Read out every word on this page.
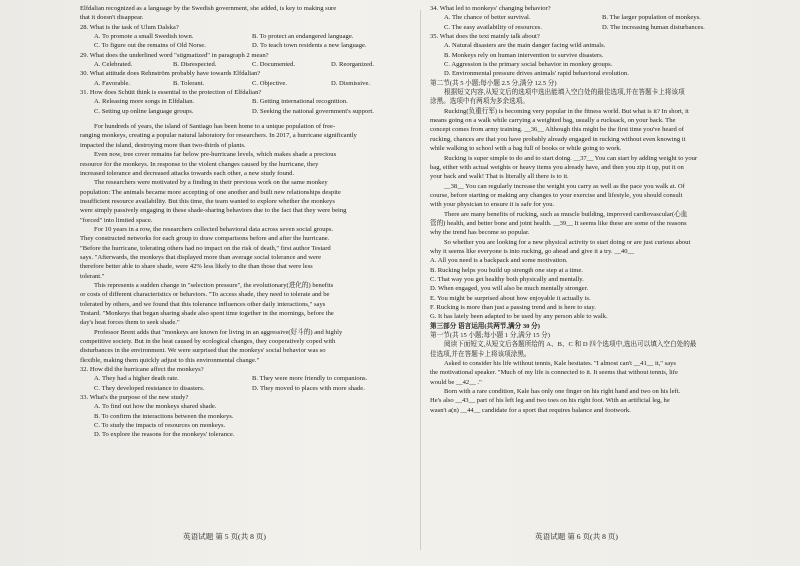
Elfdalian recognized as a language by the Swedish government, she added, is key to making sure

that it doesn't disappear.

28. What is the task of Ulum Dalska?

A. To promote a small Swedish town.	B. To protect an endangered language.
C. To figure out the remains of Old Norse.	D. To teach town residents a new language.

29. What does the underlined word "stigmatized" in paragraph 2 mean?

A. Celebrated.	B. Disrespected.	C. Documented.	D. Reorganized.

30. What attitude does Rehnström probably have towards Elfdalian?

A. Favorable.	B. Tolerant.	C. Objective.	D. Dismissive.

31. How does Schütt think is essential to the protection of Elfdalian?

A. Releasing more songs in Elfdalian.	B. Getting international recognition.
C. Setting up online language groups.	D. Seeking the national government's support.

For hundreds of years, the island of Santiago has been home to a unique population of free-

ranging monkeys, creating a popular natural laboratory for researchers. In 2017, a hurricane significantly

impacted the island, destroying more than two-thirds of plants.

Even now, tree cover remains far below pre-hurricane levels, which makes shade a precious

resource for the monkeys. In response to the violent changes caused by the hurricane, they

increased tolerance and decreased attacks towards each other, a new study found.

The researchers were motivated by a finding in their previous work on the same monkey

population: The animals became more accepting of one another and built new relationships despite

insufficient resource availability. But this time, the team wanted to explore whether the monkeys

were simply passively engaging in these shade-sharing behaviors due to the fact that they were being

"forced" into limited space.

For 10 years in a row, the researchers collected behavioral data across seven social groups.

They constructed networks for each group to draw comparisons before and after the hurricane.

"Before the hurricane, tolerating others had no impact on the risk of death," first author Testard

says. "Afterwards, the monkeys that displayed more than average social tolerance and were

therefore better able to share shade, were 42% less likely to die than those that were less

tolerant."

This represents a sudden change in "selection pressure", the evolutionary(进化的) benefits

or costs of different characteristics or behaviors. "To access shade, they need to tolerate and be

tolerated by others, and we found that this tolerance influences other daily interactions," says

Testard. "Monkeys that began sharing shade also spent time together in the mornings, before the

day's heat forces them to seek shade."

Professor Brent adds that "monkeys are known for living in an aggressive(好斗的) and highly

competitive society. But in the heat caused by ecological changes, they cooperatively coped with

disturbances in the environment. We were surprised that the monkeys' social behavior was so

flexible, making them quickly adjust to this environmental change."

32. How did the hurricane affect the monkeys?

A. They had a higher death rate.	B. They were more friendly to companions.
C. They developed resistance to disasters.	D. They moved to places with more shade.

33. What's the purpose of the new study?

A. To find out how the monkeys shared shade.

B. To confirm the interactions between the monkeys.

C. To study the impacts of resources on monkeys.

D. To explore the reasons for the monkeys' tolerance.

英语试题 第 5 页(共 8 页)

34. What led to monkeys' changing behavior?

A. The chance of better survival.	B. The larger population of monkeys.
C. The easy availability of resources.	D. The increasing human disturbances.

35. What does the text mainly talk about?

A. Natural disasters are the main danger facing wild animals.

B. Monkeys rely on human intervention to survive disasters.

C. Aggression is the primary social behavior in monkey groups.

D. Environmental pressure drives animals' rapid behavioral evolution.

第二节(共 5 小题;每小题 2.5 分,满分 12.5 分)

根据短文内容,从短文后的选项中选出能填入空白处的最佳选项,并在答题卡上将该项

涂黑。选项中有两项为多余选项。

Rucking(负重行军) is becoming very popular in the fitness world. But what is it? In short, it

means going on a walk while carrying a weighted bag, usually a rucksack, on your back. The

concept comes from army training. __36__ Although this might be the first time you've heard of

rucking, chances are that you have probably already engaged in rucking without even knowing it

while walking to school with a bag full of books or while going to work.

Rucking is super simple to do and to start doing. __37__ You can start by adding weight to your

bag, either with actual weights or heavy items you already have, and then you zip it up, put it on

your back and walk! That is literally all there is to it.

__38__ You can regularly increase the weight you carry as well as the pace you walk at. Of

course, before starting or making any changes to your exercise and lifestyle, you should consult

with your physician to ensure it is safe for you.

There are many benefits of rucking, such as muscle building, improved cardiovascular(心血

管的) health, and better bone and joint health. __39__ It seems like these are some of the reasons

why the trend has become so popular.

So whether you are looking for a new physical activity to start doing or are just curious about

why it seems like everyone is into rucking, go ahead and give it a try. __40__

A. All you need is a backpack and some motivation.

B. Rucking helps you build up strength one step at a time.

C. That way you get healthy both physically and mentally.

D. When engaged, you will also be much mentally stronger.

E. You might be surprised about how enjoyable it actually is.

F. Rucking is more than just a passing trend and is here to stay.

G. It has lately been adapted to be used by any person able to walk.

第三部分 语言运用(共两节,满分 30 分)

第一节(共 15 小题;每小题 1 分,满分 15 分)

阅读下面短文,从短文后各题所给的 A、B、C 和 D 四个选项中,选出可以填入空白处的最

佳选项,并在答题卡上将该项涂黑。

Asked to consider his life without tennis, Kale hesitates. "I almost can't __41__ it," says

the motivational speaker. "Much of my life is connected to it. It seems that without tennis, life

would be __42__ ."

Born with a rare condition, Kale has only one finger on his right hand and two on his left.

He's also __43__ part of his left leg and two toes on his right foot. With an artificial leg, he

wasn't a(n) __44__ candidate for a sport that requires balance and footwork.

英语试题 第 6 页(共 8 页)
